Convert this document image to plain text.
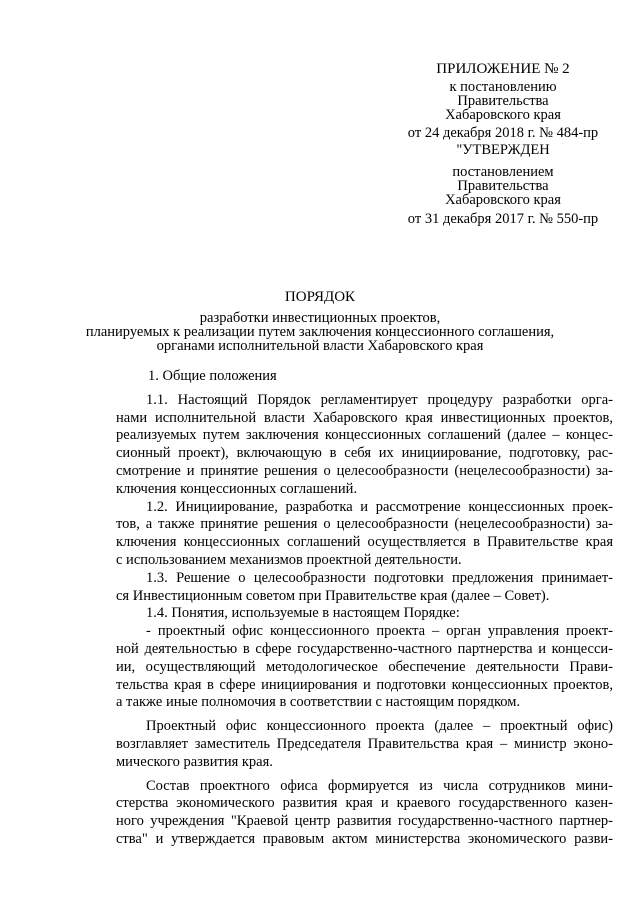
ПРИЛОЖЕНИЕ № 2
к постановлению
Правительства
Хабаровского края
от 24 декабря 2018 г. № 484-пр
"УТВЕРЖДЕН
постановлением
Правительства
Хабаровского края
от 31 декабря 2017 г. № 550-пр
ПОРЯДОК
разработки инвестиционных проектов,
планируемых к реализации путем заключения концессионного соглашения,
органами исполнительной власти Хабаровского края
1. Общие положения
1.1. Настоящий Порядок регламентирует процедуру разработки орга-
нами исполнительной власти Хабаровского края инвестиционных проектов,
реализуемых путем заключения концессионных соглашений (далее – концес-
сионный проект), включающую в себя их инициирование, подготовку, рас-
смотрение и принятие решения о целесообразности (нецелесообразности) за-
ключения концессионных соглашений.
1.2. Инициирование, разработка и рассмотрение концессионных проек-
тов, а также принятие решения о целесообразности (нецелесообразности) за-
ключения концессионных соглашений осуществляется в Правительстве края
с использованием механизмов проектной деятельности.
1.3. Решение о целесообразности подготовки предложения принимает-
ся Инвестиционным советом при Правительстве края (далее – Совет).
1.4. Понятия, используемые в настоящем Порядке:
- проектный офис концессионного проекта – орган управления проект-
ной деятельностью в сфере государственно-частного партнерства и концесси-
ии, осуществляющий методологическое обеспечение деятельности Прави-
тельства края в сфере инициирования и подготовки концессионных проектов,
а также иные полномочия в соответствии с настоящим порядком.
Проектный офис концессионного проекта (далее – проектный офис)
возглавляет заместитель Председателя Правительства края – министр эконо-
мического развития края.
Состав проектного офиса формируется из числа сотрудников мини-
стерства экономического развития края и краевого государственного казен-
ного учреждения "Краевой центр развития государственно-частного партнер-
ства" и утверждается правовым актом министерства экономического разви-
